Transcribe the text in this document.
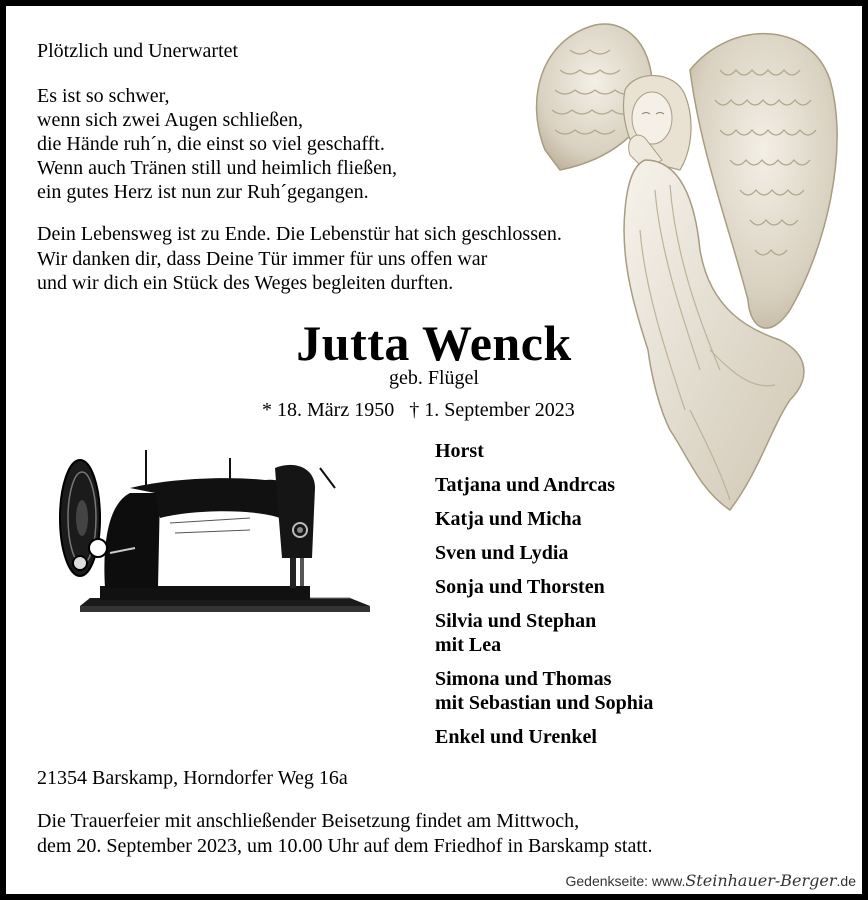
Plötzlich und Unerwartet
Es ist so schwer,
wenn sich zwei Augen schließen,
die Hände ruh´n, die einst so viel geschafft.
Wenn auch Tränen still und heimlich fließen,
ein gutes Herz ist nun zur Ruh´gegangen.
Dein Lebensweg ist zu Ende. Die Lebenstür hat sich geschlossen.
Wir danken dir, dass Deine Tür immer für uns offen war
und wir dich ein Stück des Weges begleiten durften.
Jutta Wenck
geb. Flügel
* 18. März 1950 † 1. September 2023
Horst
Tatjana und Andrcas
Katja und Micha
Sven und Lydia
Sonja und Thorsten
Silvia und Stephan
mit Lea
Simona und Thomas
mit Sebastian und Sophia
Enkel und Urenkel
21354 Barskamp, Horndorfer Weg 16a
Die Trauerfeier mit anschließender Beisetzung findet am Mittwoch,
dem 20. September 2023, um 10.00 Uhr auf dem Friedhof in Barskamp statt.
Gedenkseite: www.Steinhauer-Berger.de
